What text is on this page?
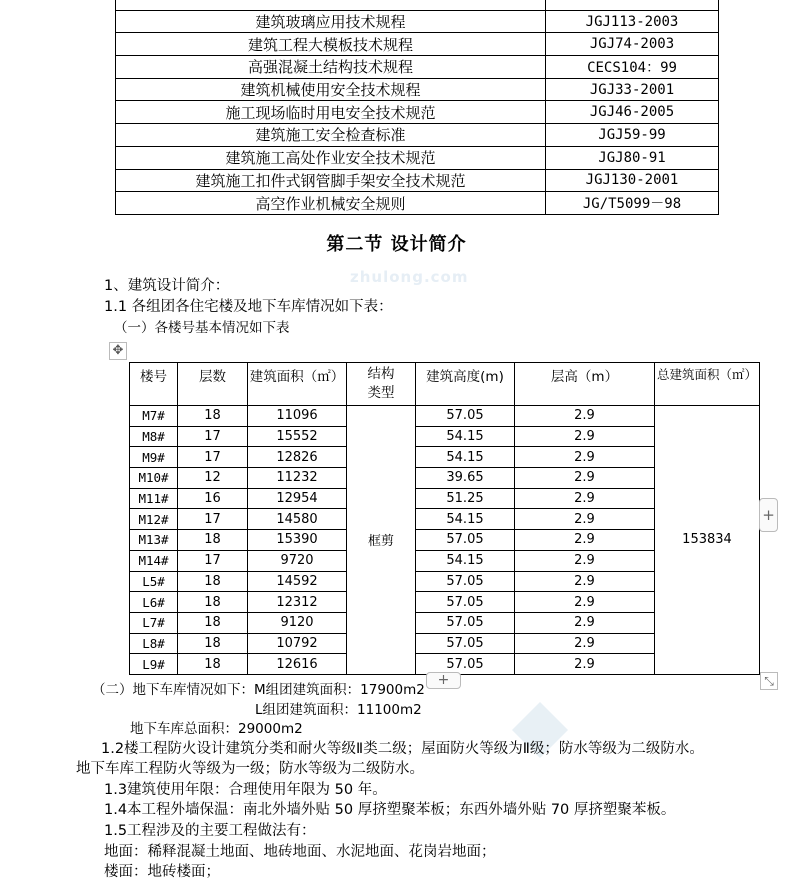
建筑玻璃应用技术规程	JGJ113-2003
建筑工程大模板技术规程	JGJ74-2003
高强混凝土结构技术规程	CECS104：99
建筑机械使用安全技术规程	JGJ33-2001
施工现场临时用电安全技术规范	JGJ46-2005
建筑施工安全检查标准	JGJ59-99
建筑施工高处作业安全技术规范	JGJ80-91
建筑施工扣件式钢管脚手架安全技术规范	JGJ130-2001
高空作业机械安全规则	JG/T5099－98
第二节 设计简介
zhulong.com
1、建筑设计简介：
1.1 各组团各住宅楼及地下车库情况如下表：
（一）各楼号基本情况如下表
✥
楼号	层数	建筑面积（㎡）	结构类型	建筑高度(m)	层高（m）	总建筑面积（㎡）
M7#	18	11096	框剪	57.05	2.9	153834
M8#	17	15552		54.15	2.9	
M9#	17	12826		54.15	2.9	
M10#	12	11232		39.65	2.9	
M11#	16	12954		51.25	2.9	
M12#	17	14580		54.15	2.9	
M13#	18	15390		57.05	2.9	
M14#	17	9720		54.15	2.9	
L5#	18	14592		57.05	2.9	
L6#	18	12312		57.05	2.9	
L7#	18	9120		57.05	2.9	
L8#	18	10792		57.05	2.9	
L9#	18	12616		57.05	2.9	
+
+	⤡
（二）地下车库情况如下：M组团建筑面积：17900m2
L组团建筑面积：11100m2
地下车库总面积：29000m2
1.2楼工程防火设计建筑分类和耐火等级Ⅱ类二级；屋面防火等级为Ⅱ级；防水等级为二级防水。
地下车库工程防火等级为一级；防水等级为二级防水。
1.3建筑使用年限：合理使用年限为 50 年。
1.4本工程外墙保温：南北外墙外贴 50 厚挤塑聚苯板；东西外墙外贴 70 厚挤塑聚苯板。
1.5工程涉及的主要工程做法有：
地面：稀释混凝土地面、地砖地面、水泥地面、花岗岩地面；
楼面：地砖楼面；
